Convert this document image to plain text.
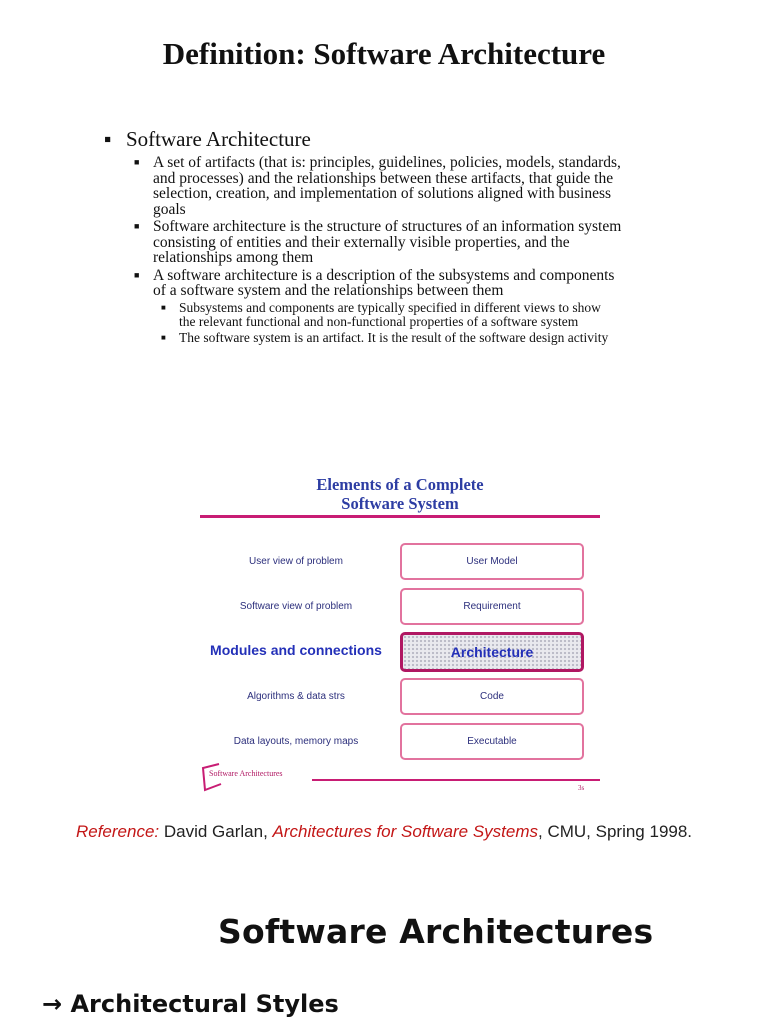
Definition: Software Architecture
▪ Software Architecture
■ A set of artifacts (that is: principles, guidelines, policies, models, standards, and processes) and the relationships between these artifacts, that guide the selection, creation, and implementation of solutions aligned with business goals
■ Software architecture is the structure of structures of an information system consisting of entities and their externally visible properties, and the relationships among them
■ A software architecture is a description of the subsystems and components of a software system and the relationships between them
■ Subsystems and components are typically specified in different views to show the relevant functional and non-functional properties of a software system
■ The software system is an artifact. It is the result of the software design activity
Elements of a Complete
Software System
User view of problem	User Model
Software view of problem	Requirement
Modules and connections	Architecture
Algorithms & data strs	Code
Data layouts, memory maps	Executable
Software Architectures
3s
Reference: David Garlan, Architectures for Software Systems, CMU, Spring 1998.
Software Architectures
→ Architectural Styles
